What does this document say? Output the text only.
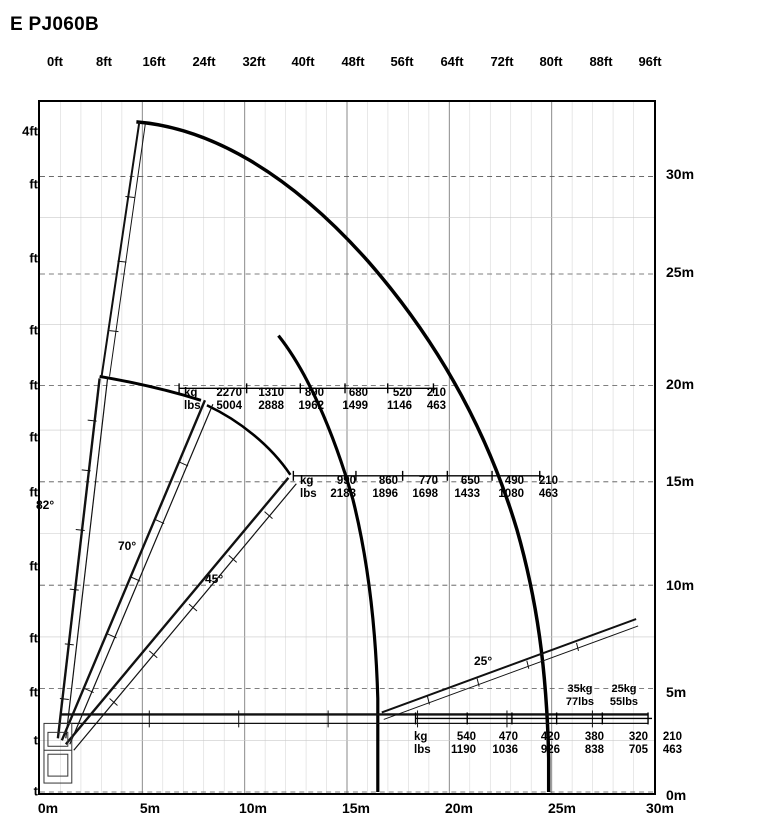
E PJ060B
0ft	8ft 16ft 24ft 32ft 40ft 48ft 56ft 64ft 72ft 80ft 88ft 96ft
4ft
ft
ft
ft
ft
ft
ft
ft
ft
ft
t
t
30m
25m
20m
15m
10m
5m
0m
0m	5m	10m	15m	20m	25m	30m
82°
70°
45°
25°
kg	2270	1310	890	680	520	210
lbs	5004	2888	1962	1499	1146	463
kg	990	860	770	650	490	210
lbs	2183	1896	1698	1433	1080	463
kg	540	470	420	380	320	210
lbs	1190	1036	926	838	705	463
35kg	25kg
77lbs 55lbs
